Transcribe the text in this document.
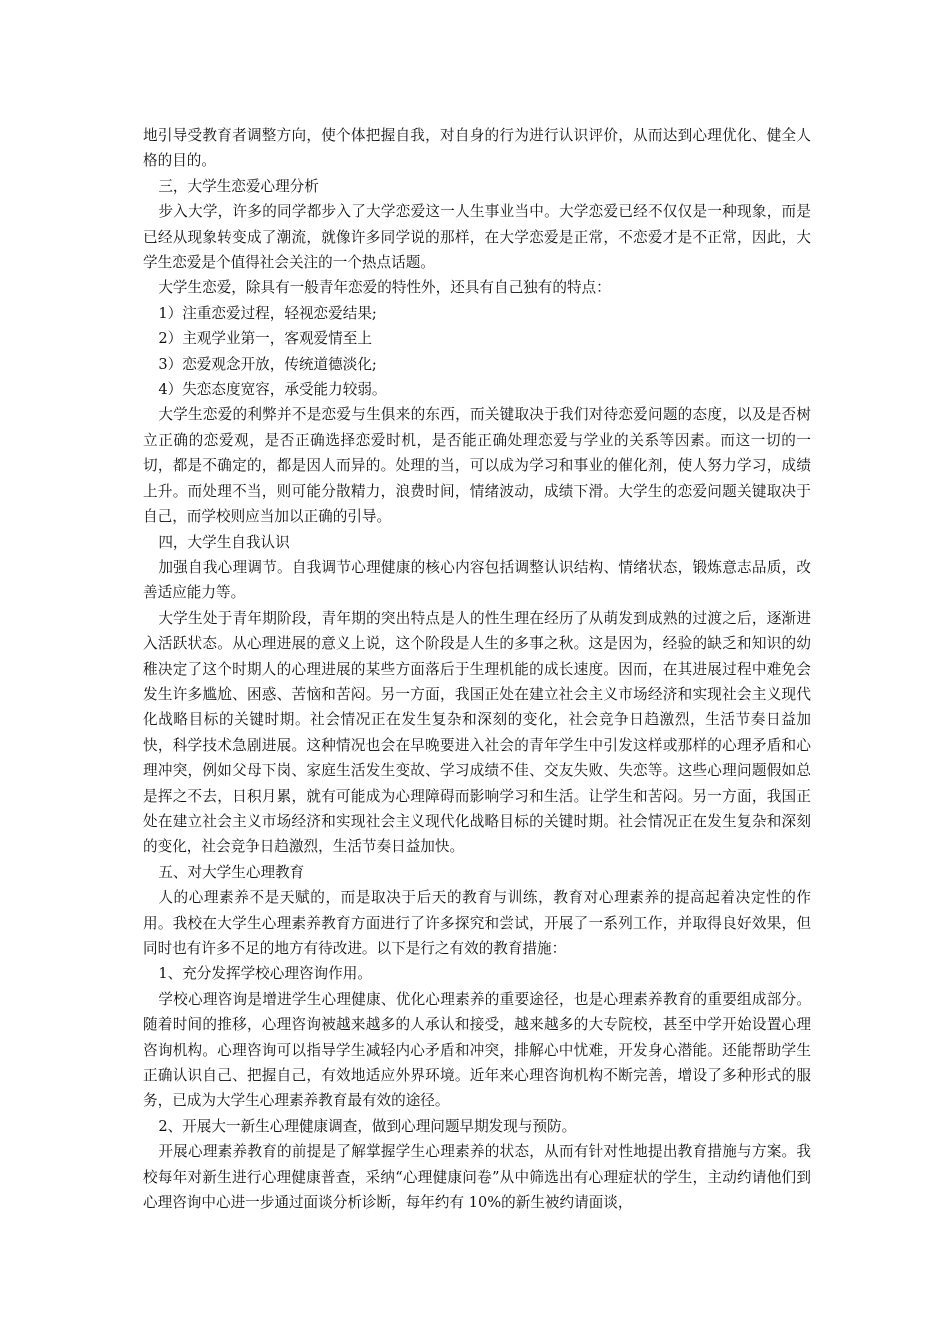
地引导受教育者调整方向，使个体把握自我，对自身的行为进行认识评价，从而达到心理优化、健全人格的目的。

三，大学生恋爱心理分析

步入大学，许多的同学都步入了大学恋爱这一人生事业当中。大学恋爱已经不仅仅是一种现象，而是已经从现象转变成了潮流，就像许多同学说的那样，在大学恋爱是正常，不恋爱才是不正常，因此，大学生恋爱是个值得社会关注的一个热点话题。

大学生恋爱，除具有一般青年恋爱的特性外，还具有自己独有的特点：

1）注重恋爱过程，轻视恋爱结果;

2）主观学业第一，客观爱情至上

3）恋爱观念开放，传统道德淡化;

4）失恋态度宽容，承受能力较弱。

大学生恋爱的利弊并不是恋爱与生俱来的东西，而关键取决于我们对待恋爱问题的态度，以及是否树立正确的恋爱观，是否正确选择恋爱时机，是否能正确处理恋爱与学业的关系等因素。而这一切的一切，都是不确定的，都是因人而异的。处理的当，可以成为学习和事业的催化剂，使人努力学习，成绩上升。而处理不当，则可能分散精力，浪费时间，情绪波动，成绩下滑。大学生的恋爱问题关键取决于自己，而学校则应当加以正确的引导。

四，大学生自我认识

加强自我心理调节。自我调节心理健康的核心内容包括调整认识结构、情绪状态，锻炼意志品质，改善适应能力等。

大学生处于青年期阶段，青年期的突出特点是人的性生理在经历了从萌发到成熟的过渡之后，逐渐进入活跃状态。从心理进展的意义上说，这个阶段是人生的多事之秋。这是因为，经验的缺乏和知识的幼稚决定了这个时期人的心理进展的某些方面落后于生理机能的成长速度。因而，在其进展过程中难免会发生许多尴尬、困惑、苦恼和苦闷。另一方面，我国正处在建立社会主义市场经济和实现社会主义现代化战略目标的关键时期。社会情况正在发生复杂和深刻的变化，社会竞争日趋激烈，生活节奏日益加快，科学技术急剧进展。这种情况也会在早晚要进入社会的青年学生中引发这样或那样的心理矛盾和心理冲突，例如父母下岗、家庭生活发生变故、学习成绩不佳、交友失败、失恋等。这些心理问题假如总是挥之不去，日积月累，就有可能成为心理障碍而影响学习和生活。让学生和苦闷。另一方面，我国正处在建立社会主义市场经济和实现社会主义现代化战略目标的关键时期。社会情况正在发生复杂和深刻的变化，社会竞争日趋激烈，生活节奏日益加快。

五、对大学生心理教育

人的心理素养不是天赋的，而是取决于后天的教育与训练，教育对心理素养的提高起着决定性的作用。我校在大学生心理素养教育方面进行了许多探究和尝试，开展了一系列工作，并取得良好效果，但同时也有许多不足的地方有待改进。以下是行之有效的教育措施：

1、充分发挥学校心理咨询作用。

学校心理咨询是增进学生心理健康、优化心理素养的重要途径，也是心理素养教育的重要组成部分。随着时间的推移，心理咨询被越来越多的人承认和接受，越来越多的大专院校，甚至中学开始设置心理咨询机构。心理咨询可以指导学生减轻内心矛盾和冲突，排解心中忧难，开发身心潜能。还能帮助学生正确认识自己、把握自己，有效地适应外界环境。近年来心理咨询机构不断完善，增设了多种形式的服务，已成为大学生心理素养教育最有效的途径。

2、开展大一新生心理健康调查，做到心理问题早期发现与预防。

开展心理素养教育的前提是了解掌握学生心理素养的状态，从而有针对性地提出教育措施与方案。我校每年对新生进行心理健康普查，采纳“心理健康问卷”从中筛选出有心理症状的学生，主动约请他们到心理咨询中心进一步通过面谈分析诊断，每年约有 10%的新生被约请面谈，
